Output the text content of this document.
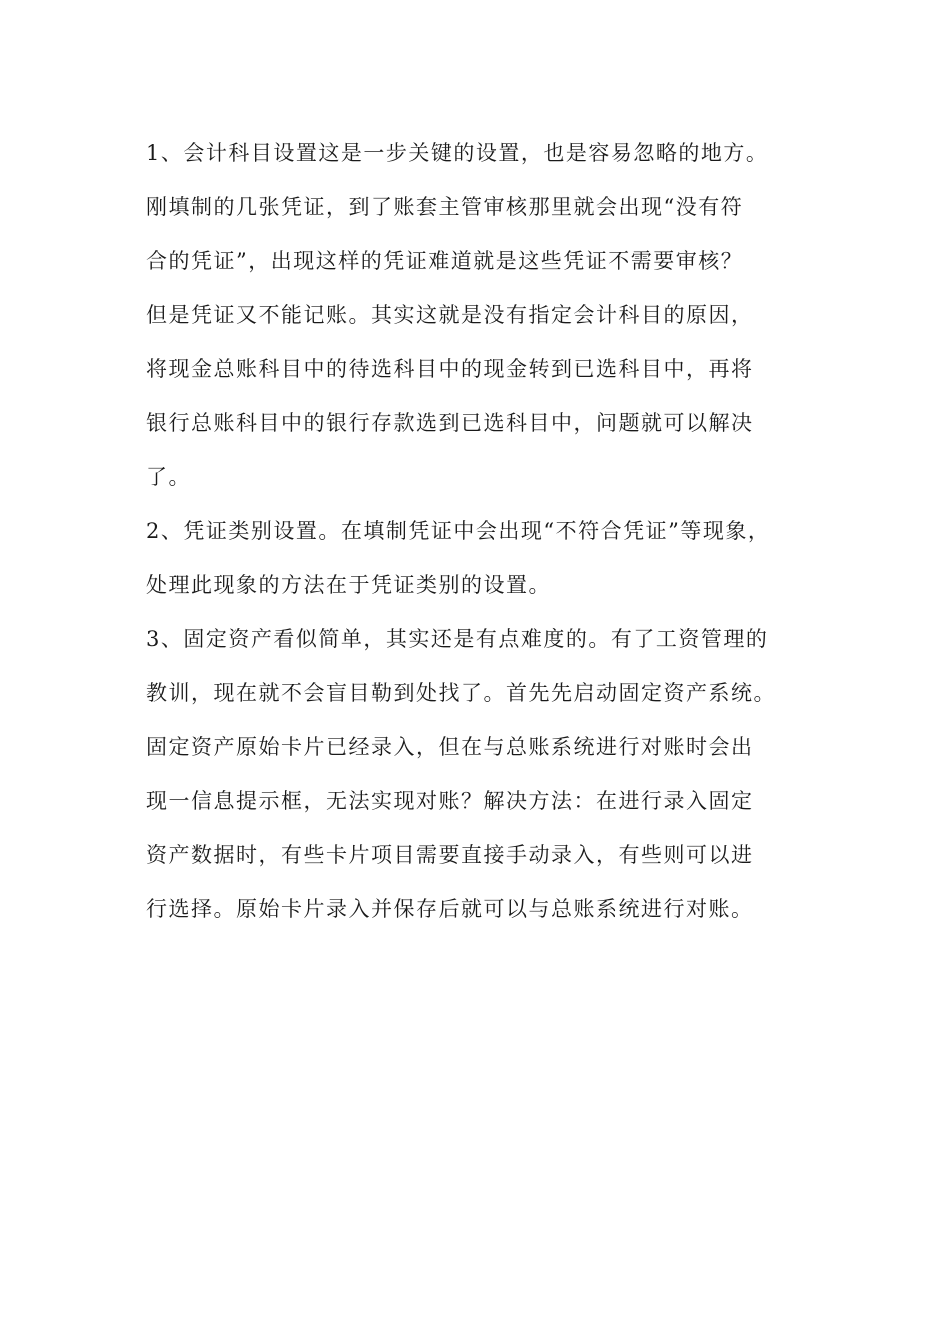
1、会计科目设置这是一步关键的设置，也是容易忽略的地方。
刚填制的几张凭证，到了账套主管审核那里就会出现“没有符
合的凭证”，出现这样的凭证难道就是这些凭证不需要审核？
但是凭证又不能记账。其实这就是没有指定会计科目的原因，
将现金总账科目中的待选科目中的现金转到已选科目中，再将
银行总账科目中的银行存款选到已选科目中，问题就可以解决
了。
2、凭证类别设置。在填制凭证中会出现“不符合凭证”等现象，
处理此现象的方法在于凭证类别的设置。
3、固定资产看似简单，其实还是有点难度的。有了工资管理的
教训，现在就不会盲目勒到处找了。首先先启动固定资产系统。
固定资产原始卡片已经录入，但在与总账系统进行对账时会出
现一信息提示框，无法实现对账？解决方法：在进行录入固定
资产数据时，有些卡片项目需要直接手动录入，有些则可以进
行选择。原始卡片录入并保存后就可以与总账系统进行对账。
